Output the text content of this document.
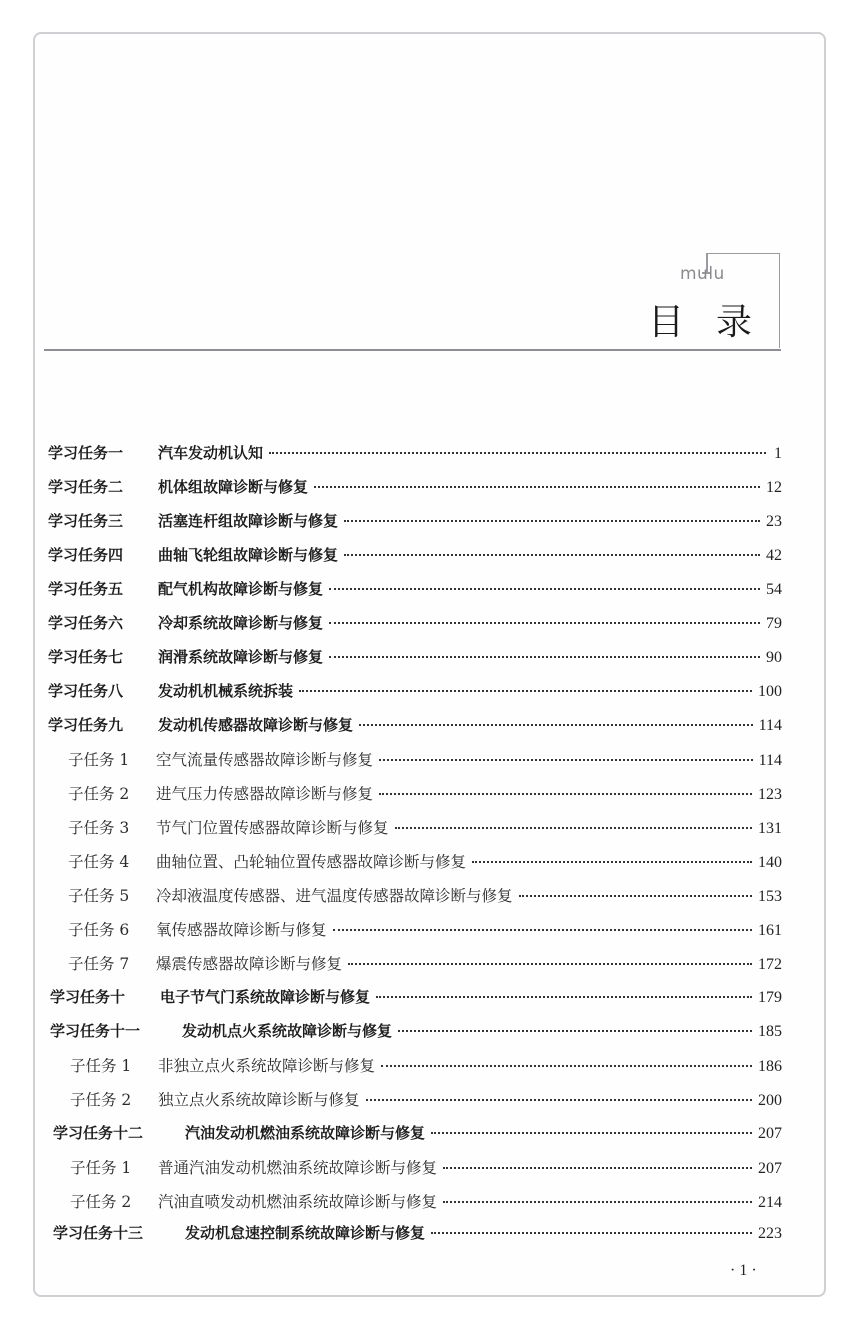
mulu
目录
学习任务一	汽车发动机认知	1
学习任务二	机体组故障诊断与修复	12
学习任务三	活塞连杆组故障诊断与修复	23
学习任务四	曲轴飞轮组故障诊断与修复	42
学习任务五	配气机构故障诊断与修复	54
学习任务六	冷却系统故障诊断与修复	79
学习任务七	润滑系统故障诊断与修复	90
学习任务八	发动机机械系统拆装	100
学习任务九	发动机传感器故障诊断与修复	114
子任务 1	空气流量传感器故障诊断与修复	114
子任务 2	进气压力传感器故障诊断与修复	123
子任务 3	节气门位置传感器故障诊断与修复	131
子任务 4	曲轴位置、凸轮轴位置传感器故障诊断与修复	140
子任务 5	冷却液温度传感器、进气温度传感器故障诊断与修复	153
子任务 6	氧传感器故障诊断与修复	161
子任务 7	爆震传感器故障诊断与修复	172
学习任务十	电子节气门系统故障诊断与修复	179
学习任务十一	发动机点火系统故障诊断与修复	185
子任务 1	非独立点火系统故障诊断与修复	186
子任务 2	独立点火系统故障诊断与修复	200
学习任务十二	汽油发动机燃油系统故障诊断与修复	207
子任务 1	普通汽油发动机燃油系统故障诊断与修复	207
子任务 2	汽油直喷发动机燃油系统故障诊断与修复	214
学习任务十三	发动机怠速控制系统故障诊断与修复	223
· 1 ·
